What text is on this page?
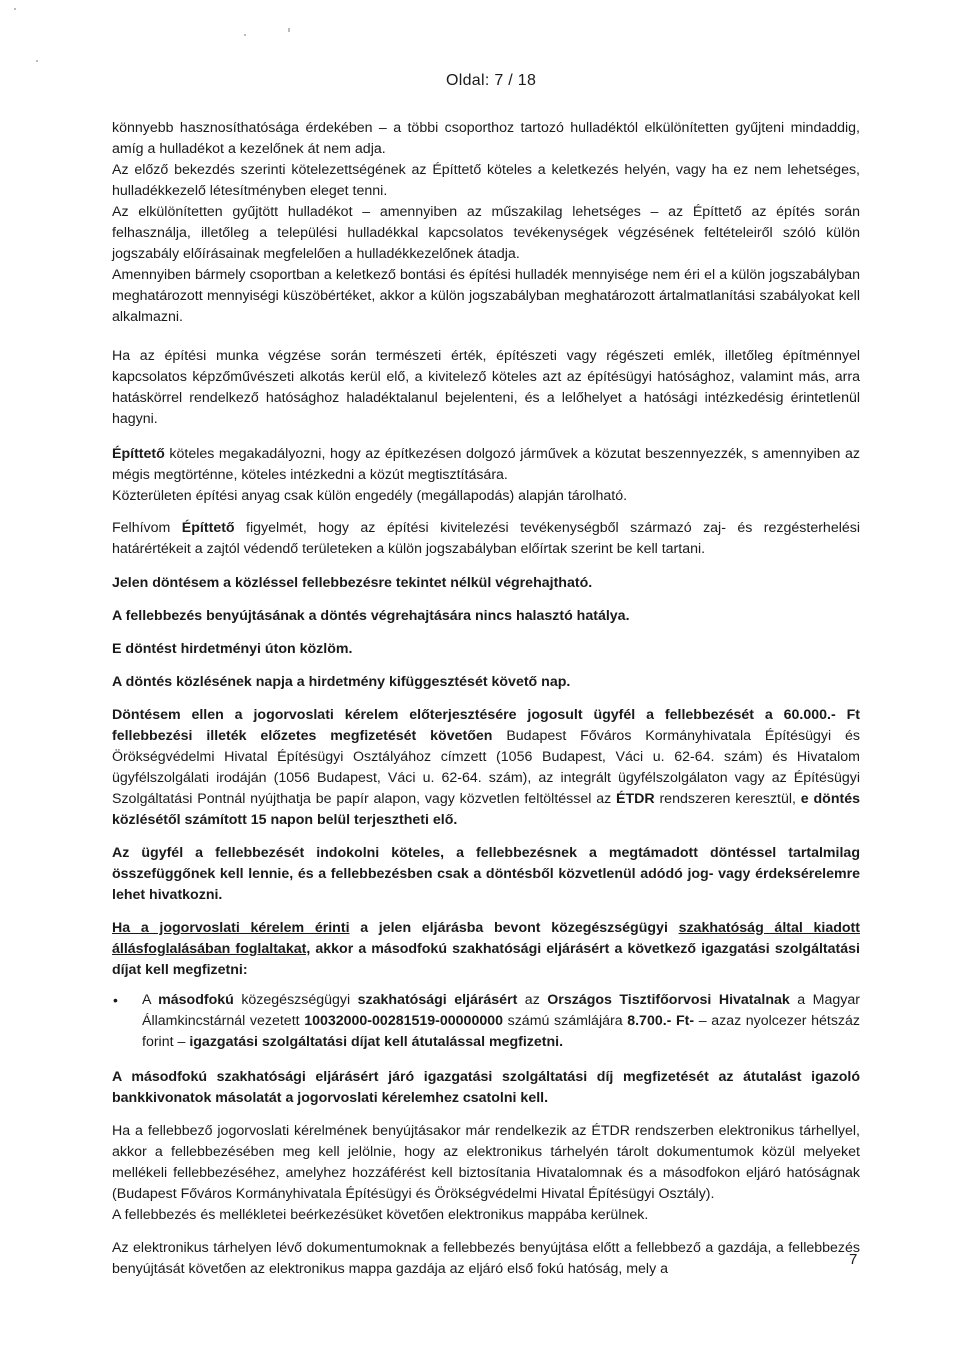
Oldal: 7 / 18

könnyebb hasznosíthatósága érdekében – a többi csoporthoz tartozó hulladéktól elkülönítetten gyűjteni mindaddig, amíg a hulladékot a kezelőnek át nem adja.

Az előző bekezdés szerinti kötelezettségének az Építtető köteles a keletkezés helyén, vagy ha ez nem lehetséges, hulladékkezelő létesítményben eleget tenni.

Az elkülönítetten gyűjtött hulladékot – amennyiben az műszakilag lehetséges – az Építtető az építés során felhasználja, illetőleg a települési hulladékkal kapcsolatos tevékenységek végzésének feltételeiről szóló külön jogszabály előírásainak megfelelően a hulladékkezelőnek átadja.

Amennyiben bármely csoportban a keletkező bontási és építési hulladék mennyisége nem éri el a külön jogszabályban meghatározott mennyiségi küszöbértéket, akkor a külön jogszabályban meghatározott ártalmatlanítási szabályokat kell alkalmazni.

Ha az építési munka végzése során természeti érték, építészeti vagy régészeti emlék, illetőleg építménnyel kapcsolatos képzőművészeti alkotás kerül elő, a kivitelező köteles azt az építésügyi hatósághoz, valamint más, arra hatáskörrel rendelkező hatósághoz haladéktalanul bejelenteni, és a lelőhelyet a hatósági intézkedésig érintetlenül hagyni.

Építtető köteles megakadályozni, hogy az építkezésen dolgozó járművek a közutat beszennyezzék, s amennyiben az mégis megtörténne, köteles intézkedni a közút megtisztítására.

Közterületen építési anyag csak külön engedély (megállapodás) alapján tárolható.

Felhívom Építtető figyelmét, hogy az építési kivitelezési tevékenységből származó zaj- és rezgésterhelési határértékeit a zajtól védendő területeken a külön jogszabályban előírtak szerint be kell tartani.

Jelen döntésem a közléssel fellebbezésre tekintet nélkül végrehajtható.

A fellebbezés benyújtásának a döntés végrehajtására nincs halasztó hatálya.

E döntést hirdetményi úton közlöm.

A döntés közlésének napja a hirdetmény kifüggesztését követő nap.

Döntésem ellen a jogorvoslati kérelem előterjesztésére jogosult ügyfél a fellebbezését a 60.000.- Ft fellebbezési illeték előzetes megfizetését követően Budapest Főváros Kormányhivatala Építésügyi és Örökségvédelmi Hivatal Építésügyi Osztályához címzett (1056 Budapest, Váci u. 62-64. szám) és Hivatalom ügyfélszolgálati irodáján (1056 Budapest, Váci u. 62-64. szám), az integrált ügyfélszolgálaton vagy az Építésügyi Szolgáltatási Pontnál nyújthatja be papír alapon, vagy közvetlen feltöltéssel az ÉTDR rendszeren keresztül, e döntés közlésétől számított 15 napon belül terjesztheti elő.

Az ügyfél a fellebbezését indokolni köteles, a fellebbezésnek a megtámadott döntéssel tartalmilag összefüggőnek kell lennie, és a fellebbezésben csak a döntésből közvetlenül adódó jog- vagy érdeksérelemre lehet hivatkozni.

Ha a jogorvoslati kérelem érinti a jelen eljárásba bevont közegészségügyi szakhatóság által kiadott állásfoglalásában foglaltakat, akkor a másodfokú szakhatósági eljárásért a következő igazgatási szolgáltatási díjat kell megfizetni:

• A másodfokú közegészségügyi szakhatósági eljárásért az Országos Tisztifőorvosi Hivatalnak a Magyar Államkincstárnál vezetett 10032000-00281519-00000000 számú számlájára 8.700.- Ft- – azaz nyolcezer hétszáz forint – igazgatási szolgáltatási díjat kell átutalással megfizetni.

A másodfokú szakhatósági eljárásért járó igazgatási szolgáltatási díj megfizetését az átutalást igazoló bankkivonatok másolatát a jogorvoslati kérelemhez csatolni kell.

Ha a fellebbező jogorvoslati kérelmének benyújtásakor már rendelkezik az ÉTDR rendszerben elektronikus tárhellyel, akkor a fellebbezésében meg kell jelölnie, hogy az elektronikus tárhelyén tárolt dokumentumok közül melyeket mellékeli fellebbezéséhez, amelyhez hozzáférést kell biztosítania Hivatalomnak és a másodfokon eljáró hatóságnak (Budapest Főváros Kormányhivatala Építésügyi és Örökségvédelmi Hivatal Építésügyi Osztály).

A fellebbezés és mellékletei beérkezésüket követően elektronikus mappába kerülnek.

Az elektronikus tárhelyen lévő dokumentumoknak a fellebbezés benyújtása előtt a fellebbező a gazdája, a fellebbezés benyújtását követően az elektronikus mappa gazdája az eljáró első fokú hatóság, mely a

7
